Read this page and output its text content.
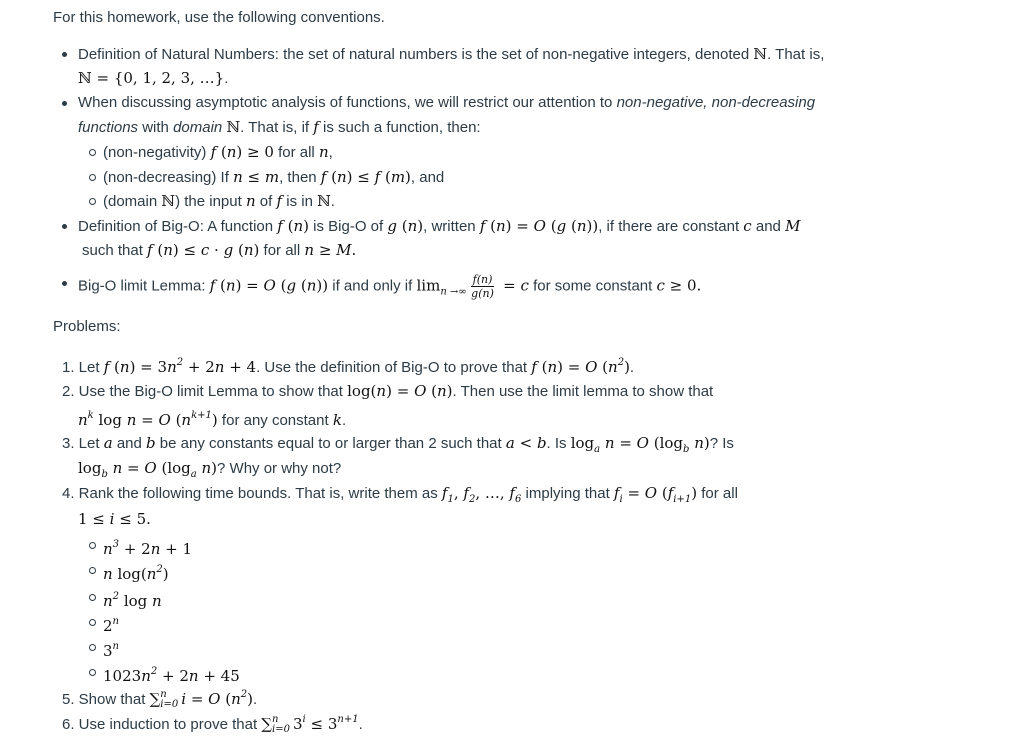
For this homework, use the following conventions.
Definition of Natural Numbers: the set of natural numbers is the set of non-negative integers, denoted ℕ. That is,
ℕ = {0, 1, 2, 3, …}.
When discussing asymptotic analysis of functions, we will restrict our attention to non-negative, non-decreasing
functions with domain ℕ. That is, if f is such a function, then:
(non-negativity) f (n) ≥ 0 for all n,
(non-decreasing) If n ≤ m, then f (n) ≤ f (m), and
(domain ℕ) the input n of f is in ℕ.
Definition of Big-O: A function f (n) is Big-O of g (n), written f (n) = O (g (n)), if there are constant c and M
such that f (n) ≤ c · g (n) for all n ≥ M.
Big-O limit Lemma: f (n) = O (g (n)) if and only if $\lim_{n \to\infty} \frac{f(n)}{g(n)} = c$ for some constant c ≥ 0.
Problems:
1. Let f $(n) = 3n^2 + 2n + 4$. Use the definition of Big-O to prove that f (n) = O $(n^2)$.
2. Use the Big-O limit Lemma to show that log(n) = O (n). Then use the limit lemma to show that
$n^k$ log n = O $(n^{k+1})$ for any constant k.
3. Let a and b be any constants equal to or larger than 2 such that a < b. Is $\log_a n = O$ ($\log_b$ n)? Is
$\log_b n = O$ ($\log_a$ n)? Why or why not?
4. Rank the following time bounds. That is, write them as $f_1$, $f_2$, …, $f_6$ implying that $f_i = O$ $(f_{i+1})$ for all
1 ≤ i ≤ 5.
$n^3 + 2n + 1$
n $\log(n^2)$
$n^2$ log n
2$^n$
3$^n$
$1023n^2 + 2n + 45$
5. Show that ∑ n
i=0 i = O $(n^2)$.
6. Use induction to prove that ∑ n
i=0 $3^i \le 3^{n+1}$.
